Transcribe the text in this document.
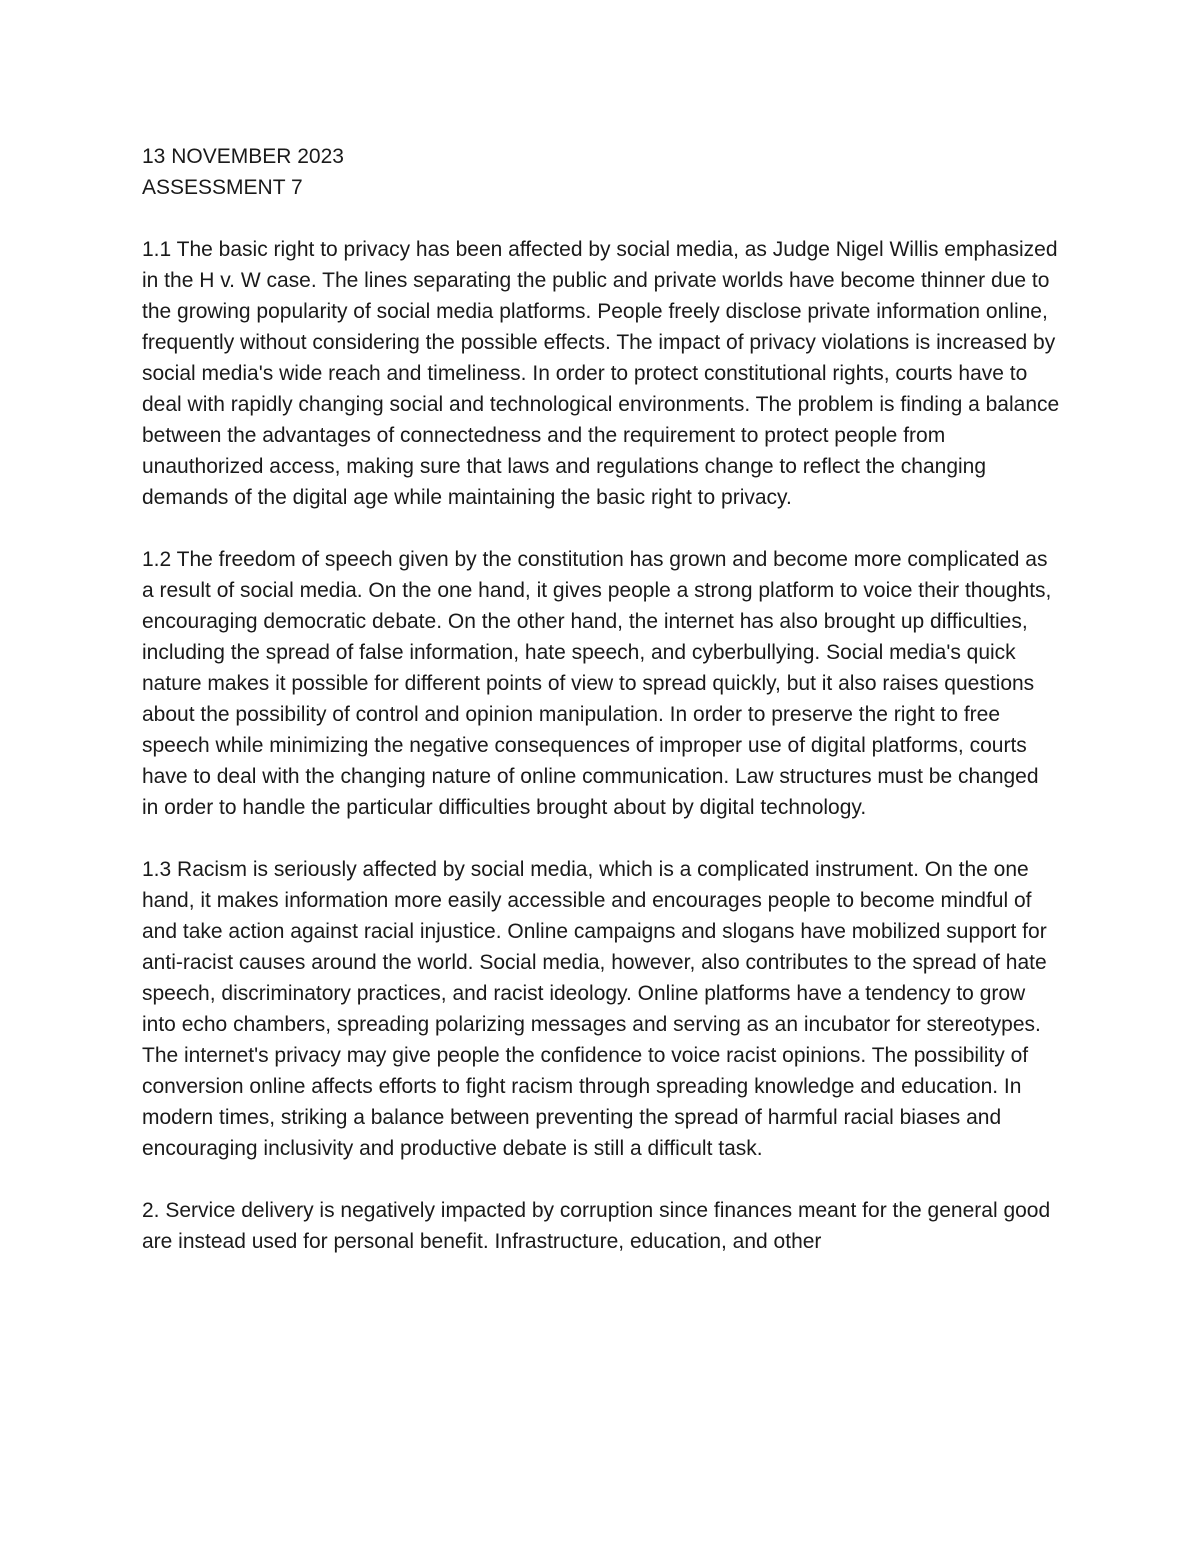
13 NOVEMBER 2023

ASSESSMENT 7

1.1 The basic right to privacy has been affected by social media, as Judge Nigel Willis emphasized in the H v. W case. The lines separating the public and private worlds have become thinner due to the growing popularity of social media platforms. People freely disclose private information online, frequently without considering the possible effects. The impact of privacy violations is increased by social media's wide reach and timeliness. In order to protect constitutional rights, courts have to deal with rapidly changing social and technological environments. The problem is finding a balance between the advantages of connectedness and the requirement to protect people from unauthorized access, making sure that laws and regulations change to reflect the changing demands of the digital age while maintaining the basic right to privacy.

1.2 The freedom of speech given by the constitution has grown and become more complicated as a result of social media. On the one hand, it gives people a strong platform to voice their thoughts, encouraging democratic debate. On the other hand, the internet has also brought up difficulties, including the spread of false information, hate speech, and cyberbullying. Social media's quick nature makes it possible for different points of view to spread quickly, but it also raises questions about the possibility of control and opinion manipulation. In order to preserve the right to free speech while minimizing the negative consequences of improper use of digital platforms, courts have to deal with the changing nature of online communication. Law structures must be changed in order to handle the particular difficulties brought about by digital technology.

1.3 Racism is seriously affected by social media, which is a complicated instrument. On the one hand, it makes information more easily accessible and encourages people to become mindful of and take action against racial injustice. Online campaigns and slogans have mobilized support for anti-racist causes around the world. Social media, however, also contributes to the spread of hate speech, discriminatory practices, and racist ideology. Online platforms have a tendency to grow into echo chambers, spreading polarizing messages and serving as an incubator for stereotypes. The internet's privacy may give people the confidence to voice racist opinions. The possibility of conversion online affects efforts to fight racism through spreading knowledge and education. In modern times, striking a balance between preventing the spread of harmful racial biases and encouraging inclusivity and productive debate is still a difficult task.

2. Service delivery is negatively impacted by corruption since finances meant for the general good are instead used for personal benefit. Infrastructure, education, and other
